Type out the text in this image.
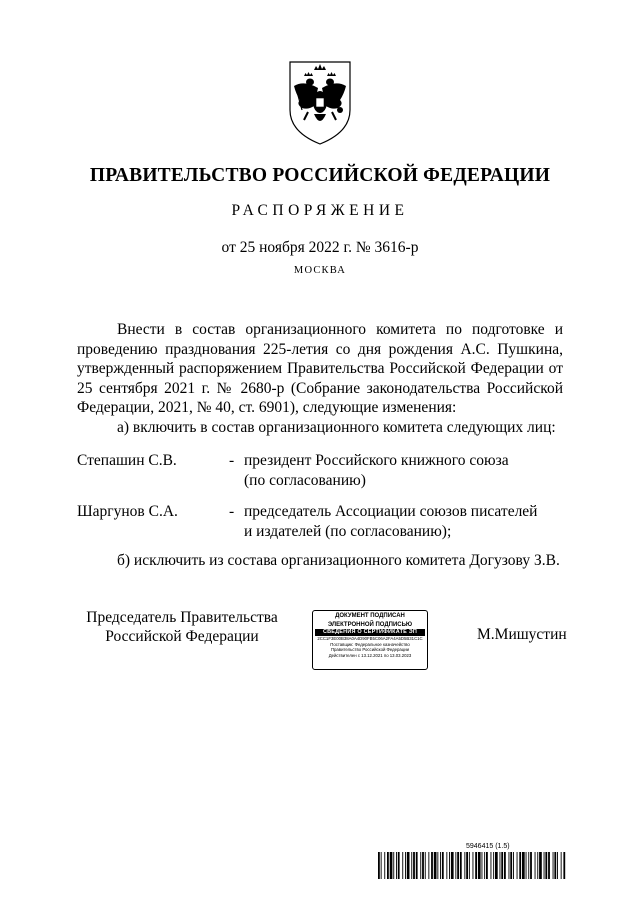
ПРАВИТЕЛЬСТВО РОССИЙСКОЙ ФЕДЕРАЦИИ
РАСПОРЯЖЕНИЕ
от 25 ноября 2022 г. № 3616-р
МОСКВА

Внести в состав организационного комитета по подготовке и проведению празднования 225-летия со дня рождения А.С. Пушкина, утвержденный распоряжением Правительства Российской Федерации от 25 сентября 2021 г. № 2680-р (Собрание законодательства Российской Федерации, 2021, № 40, ст. 6901), следующие изменения:

а) включить в состав организационного комитета следующих лиц:

Степашин С.В.	- президент Российского книжного союза
(по согласованию)
Шаргунов С.А.	- председатель Ассоциации союзов писателей
и издателей (по согласованию);
б) исключить из состава организационного комитета Догузову З.В.
Председатель Правительства
Российской Федерации
ДОКУМЕНТ ПОДПИСАН
ЭЛЕКТРОННОЙ ПОДПИСЬЮ
СВЕДЕНИЯ О СЕРТИФИКАТЕ ЭП
2CC1F3E00B38A0A4D90FB5C06A2FA4A5D5B31C1C
Поставщик: Федеральное казначейство
Правительство Российской Федерации
Действителен с 13.12.2021 по 13.03.2023
М.Мишустин
5946415 (1.5)
